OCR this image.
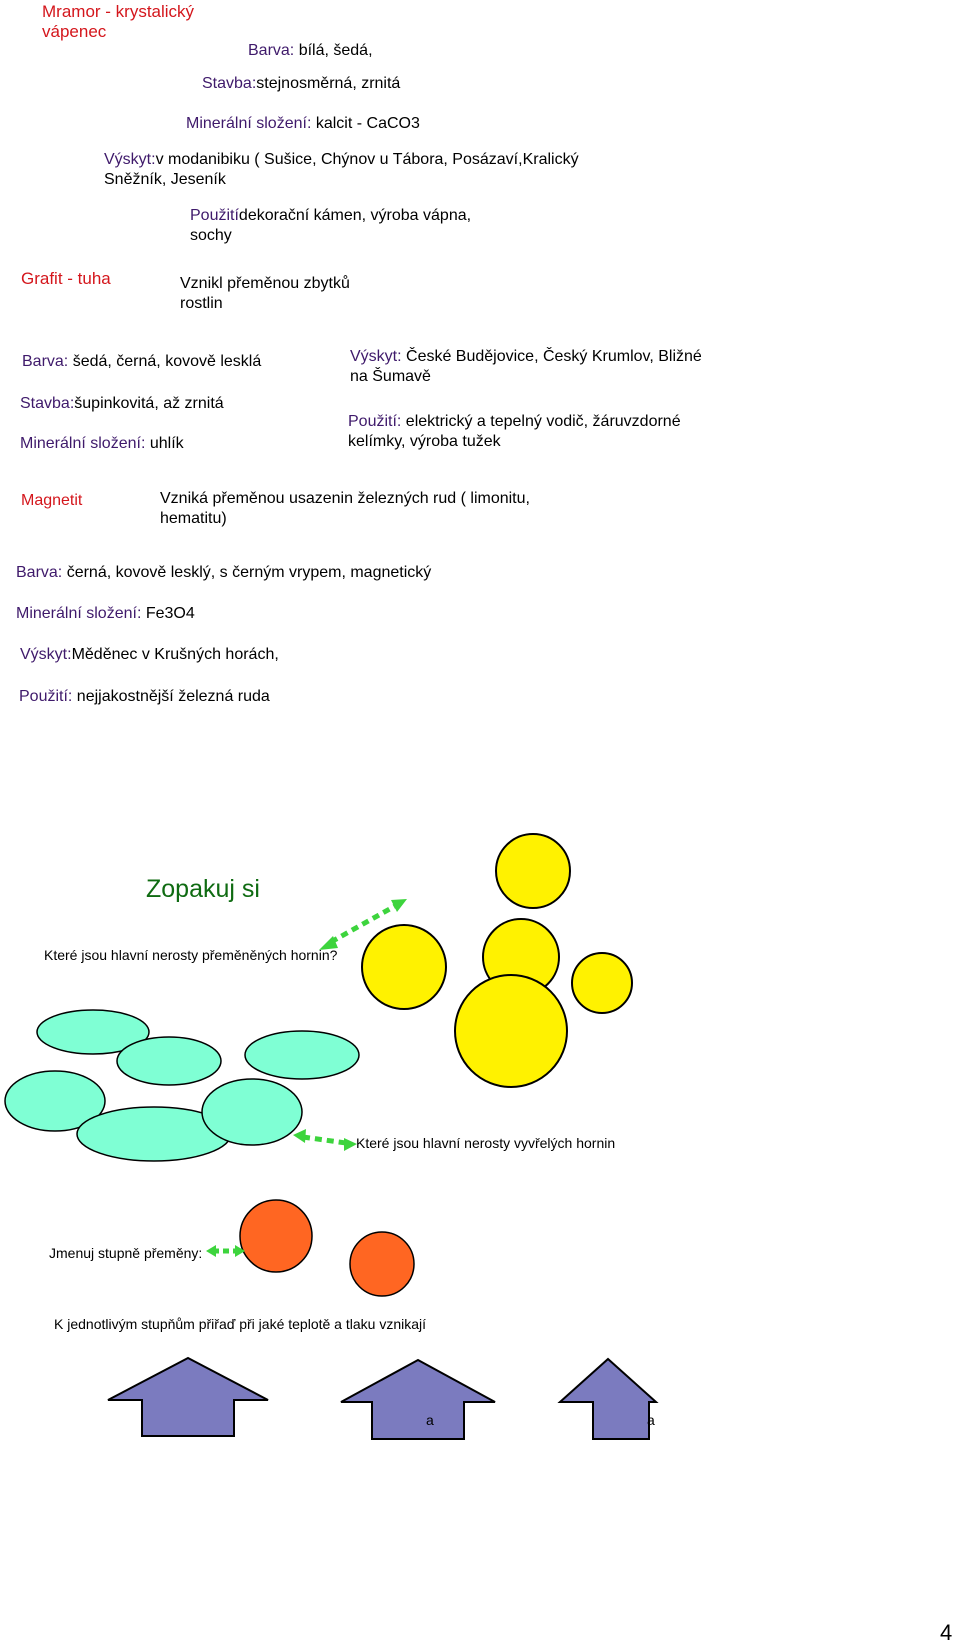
Mramor - krystalický
vápenec
Barva: bílá, šedá,
Stavba:stejnosměrná, zrnitá
Minerální složení: kalcit - CaCO3
Výskyt:v modanibiku ( Sušice, Chýnov u Tábora, Posázaví,Kralický
Sněžník, Jeseník
Použitídekorační kámen, výroba vápna,
sochy
Grafit - tuha	Vznikl přeměnou zbytků
rostlin
Barva: šedá, černá, kovově lesklá
Stavba:šupinkovitá, až zrnitá
Minerální složení: uhlík
Výskyt: České Budějovice, Český Krumlov, Bližné
na Šumavě
Použití: elektrický a tepelný vodič, žáruvzdorné
kelímky, výroba tužek
Magnetit	Vzniká přeměnou usazenin železných rud ( limonitu,
hematitu)
Barva: černá, kovově lesklý, s černým vrypem, magnetický
Minerální složení: Fe3O4
Výskyt:Měděnec v Krušných horách,
Použití: nejjakostnější železná ruda
Zopakuj si
Které jsou hlavní nerosty přeměněných hornin?
Které jsou hlavní nerosty vyvřelých hornin
Jmenuj stupně přeměny:
K jednotlivým stupňům přiřaď při jaké teplotě a tlaku vznikají
a	a
4
